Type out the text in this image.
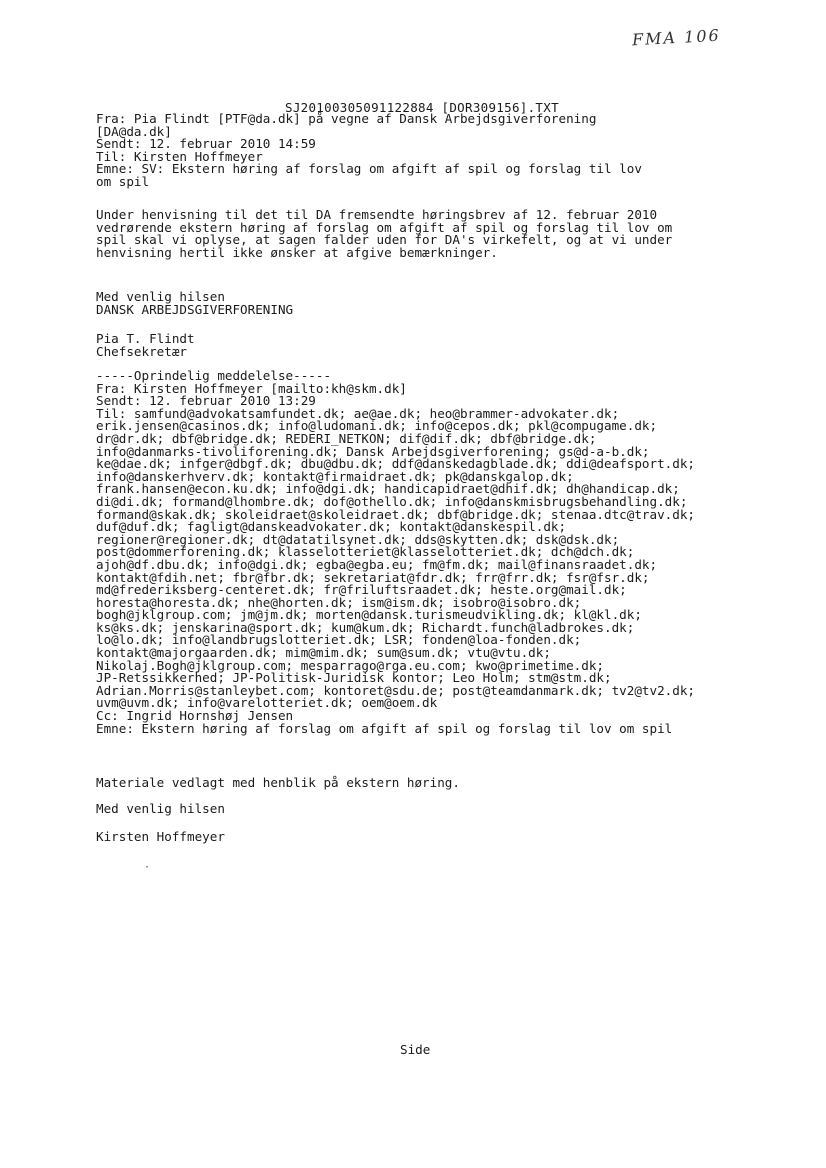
FMA 106
SJ20100305091122884 [DOR309156].TXT
Fra: Pia Flindt [PTF@da.dk] på vegne af Dansk Arbejdsgiverforening
[DA@da.dk]
Sendt: 12. februar 2010 14:59
Til: Kirsten Hoffmeyer
Emne: SV: Ekstern høring af forslag om afgift af spil og forslag til lov
om spil
Under henvisning til det til DA fremsendte høringsbrev af 12. februar 2010
vedrørende ekstern høring af forslag om afgift af spil og forslag til lov om
spil skal vi oplyse, at sagen falder uden for DA's virkefelt, og at vi under
henvisning hertil ikke ønsker at afgive bemærkninger.
Med venlig hilsen
DANSK ARBEJDSGIVERFORENING
Pia T. Flindt
Chefsekretær
-----Oprindelig meddelelse-----
Fra: Kirsten Hoffmeyer [mailto:kh@skm.dk]
Sendt: 12. februar 2010 13:29
Til: samfund@advokatsamfundet.dk; ae@ae.dk; heo@brammer-advokater.dk;
erik.jensen@casinos.dk; info@ludomani.dk; info@cepos.dk; pkl@compugame.dk;
dr@dr.dk; dbf@bridge.dk; REDERI_NETKON; dif@dif.dk; dbf@bridge.dk;
info@danmarks-tivoliforening.dk; Dansk Arbejdsgiverforening; gs@d-a-b.dk;
ke@dae.dk; infger@dbgf.dk; dbu@dbu.dk; ddf@danskedagblade.dk; ddi@deafsport.dk;
info@danskerhverv.dk; kontakt@firmaidraet.dk; pk@danskgalop.dk;
frank.hansen@econ.ku.dk; info@dgi.dk; handicapidraet@dhif.dk; dh@handicap.dk;
di@di.dk; formand@lhombre.dk; dof@othello.dk; info@danskmisbrugsbehandling.dk;
formand@skak.dk; skoleidraet@skoleidraet.dk; dbf@bridge.dk; stenaa.dtc@trav.dk;
duf@duf.dk; fagligt@danskeadvokater.dk; kontakt@danskespil.dk;
regioner@regioner.dk; dt@datatilsynet.dk; dds@skytten.dk; dsk@dsk.dk;
post@dommerforening.dk; klasselotteriet@klasselotteriet.dk; dch@dch.dk;
ajoh@df.dbu.dk; info@dgi.dk; egba@egba.eu; fm@fm.dk; mail@finansraadet.dk;
kontakt@fdih.net; fbr@fbr.dk; sekretariat@fdr.dk; frr@frr.dk; fsr@fsr.dk;
md@frederiksberg-centeret.dk; fr@friluftsraadet.dk; heste.org@mail.dk;
horesta@horesta.dk; nhe@horten.dk; ism@ism.dk; isobro@isobro.dk;
bogh@jklgroup.com; jm@jm.dk; morten@dansk.turismeudvikling.dk; kl@kl.dk;
ks@ks.dk; jenskarina@sport.dk; kum@kum.dk; Richardt.funch@ladbrokes.dk;
lo@lo.dk; info@landbrugslotteriet.dk; LSR; fonden@loa-fonden.dk;
kontakt@majorgaarden.dk; mim@mim.dk; sum@sum.dk; vtu@vtu.dk;
Nikolaj.Bogh@jklgroup.com; mesparrago@rga.eu.com; kwo@primetime.dk;
JP-Retssikkerhed; JP-Politisk-Juridisk kontor; Leo Holm; stm@stm.dk;
Adrian.Morris@stanleybet.com; kontoret@sdu.de; post@teamdanmark.dk; tv2@tv2.dk;
uvm@uvm.dk; info@varelotteriet.dk; oem@oem.dk
Cc: Ingrid Hornshøj Jensen
Emne: Ekstern høring af forslag om afgift af spil og forslag til lov om spil
Materiale vedlagt med henblik på ekstern høring.
Med venlig hilsen
Kirsten Hoffmeyer
·
Side
